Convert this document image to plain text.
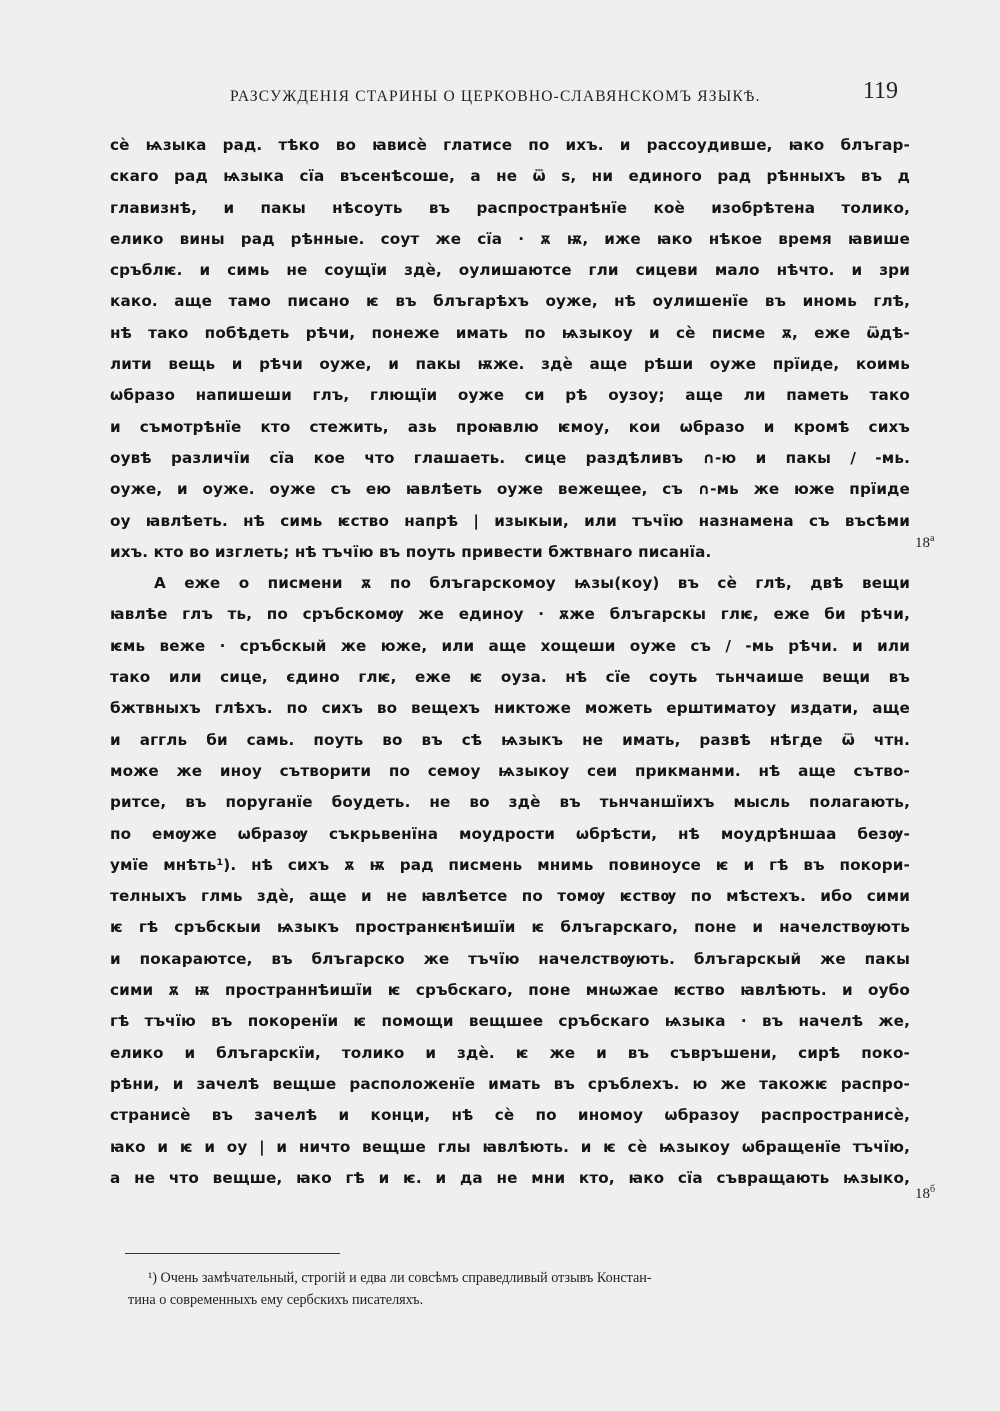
РАЗСУЖДЕНІЯ СТАРИНЫ О ЦЕРКОВНО-СЛАВЯНСКОМЪ ЯЗЫКѢ.	119
сѐ ѩзыка рад. тѣко во ꙗвисѐ глатисе по ихъ. и рассоудивше, ꙗко блъгар-
скаго рад ѩзыка сїа въсенѣсоше, а не ѿ ѕ, ни единого рад рѣнныхъ въ д
главизнѣ, и пакы нѣсоуть въ распространѣнїе коѐ изобрѣтена толико,
елико вины рад рѣнные. соут же сїа · ѫ ѭ, иже ꙗко нѣкое время ꙗвише
сръблѥ. и симь не соущїи здѐ, оулишаютсе гли сицеви мало нѣчто. и зри
како. аще тамо писано ѥ въ блъгарѣхъ оуже, нѣ оулишенїе въ иномь глѣ,
нѣ тако побѣдеть рѣчи, понеже имать по ѩзыкоу и сѐ писме ѫ, еже ѿдѣ-
лити вещь и рѣчи оуже, и пакы ѭже. здѐ аще рѣши оуже прїиде, коимь
ѡбразо напишеши глъ, глющїи оуже си рѣ оузоу; аще ли паметь тако
и съмотрѣнїе кто стежить, азь проꙗвлю ѥмоу, кои ѡбразо и кромѣ сихъ
оувѣ различїи сїа кое что глашаеть. сице раздѣливъ ∩-ю и пакы / -мь.
оуже, и оуже. оуже съ ею ꙗвлѣеть оуже вежещее, съ ∩-мь же юже прїиде
оу ꙗвлѣеть. нѣ симь ѥство напрѣ | изыкыи, или тъчїю назнамена съ въсѣми
ихъ. кто во изглеть; нѣ тъчїю въ поуть привести бжтвнаго писанїа.
А еже о писмени ѫ по блъгарскомоу ѩзы(коу) въ сѐ глѣ, двѣ вещи
ꙗвлѣе глъ ть, по сръбскомѹ же единоу · ѫже блъгарскы глѥ, еже би рѣчи,
ѥмь веже · сръбскый же юже, или аще хощеши оуже съ / -мь рѣчи. и или
тако или сице, єдино глѥ, еже ѥ оуза. нѣ сїе соуть тьнчаише вещи въ
бжтвныхъ глѣхъ. по сихъ во вещехъ никтоже можеть ерштиматоу издати, аще
и аггль би самь. поуть во въ сѣ ѩзыкъ не имать, развѣ нѣгде ѿ чтн.
може же иноу сътворити по семоу ѩзыкоу сеи прикманми. нѣ аще сътво-
ритсе, въ поруганїе боудеть. не во здѐ въ тьнчаншїихъ мысль полагають,
по емѹже ѡбразѹ съкрьвенїна моудрости ѡбрѣсти, нѣ моудрѣншаа безѹ-
умїе мнѣть¹). нѣ сихъ ѫ ѭ рад писмень мнимь повиноусе ѥ и гѣ въ покори-
телныхъ глмь здѐ, аще и не ꙗвлѣетсе по томѹ ѥствѹ по мѣстехъ. ибо сими
ѥ гѣ сръбскыи ѩзыкъ пространѥнѣишїи ѥ блъгарскаго, поне и начелствѹють
и покараютсе, въ блъгарско же тъчїю начелствѹють. блъгарскый же пакы
сими ѫ ѭ пространнѣишїи ѥ сръбскаго, поне мнѡжае ѥство ꙗвлѣють. и оубо
гѣ тъчїю въ покоренїи ѥ помощи вещшее сръбскаго ѩзыка · въ начелѣ же,
елико и блъгарскїи, толико и здѐ. ѥ же и въ съвръшени, сирѣ поко-
рѣни, и зачелѣ вещше расположенїе имать въ сръблехъ. ю же такожѥ распро-
странисѐ въ зачелѣ и конци, нѣ сѐ по иномоу ѡбразоу распространисѐ,
ꙗко и ѥ и оу | и ничто вещше глы ꙗвлѣють. и ѥ сѐ ѩзыкоу ѡбращенїе тъчїю,
а не что вещше, ꙗко гѣ и ѥ. и да не мни кто, ꙗко сїа съвращають ѩзыко,
$18^а$
$18^б$
¹) Очень замѣчательный, строгій и едва ли совсѣмъ справедливый отзывъ Констан-
тина о современныхъ ему сербскихъ писателяхъ.
